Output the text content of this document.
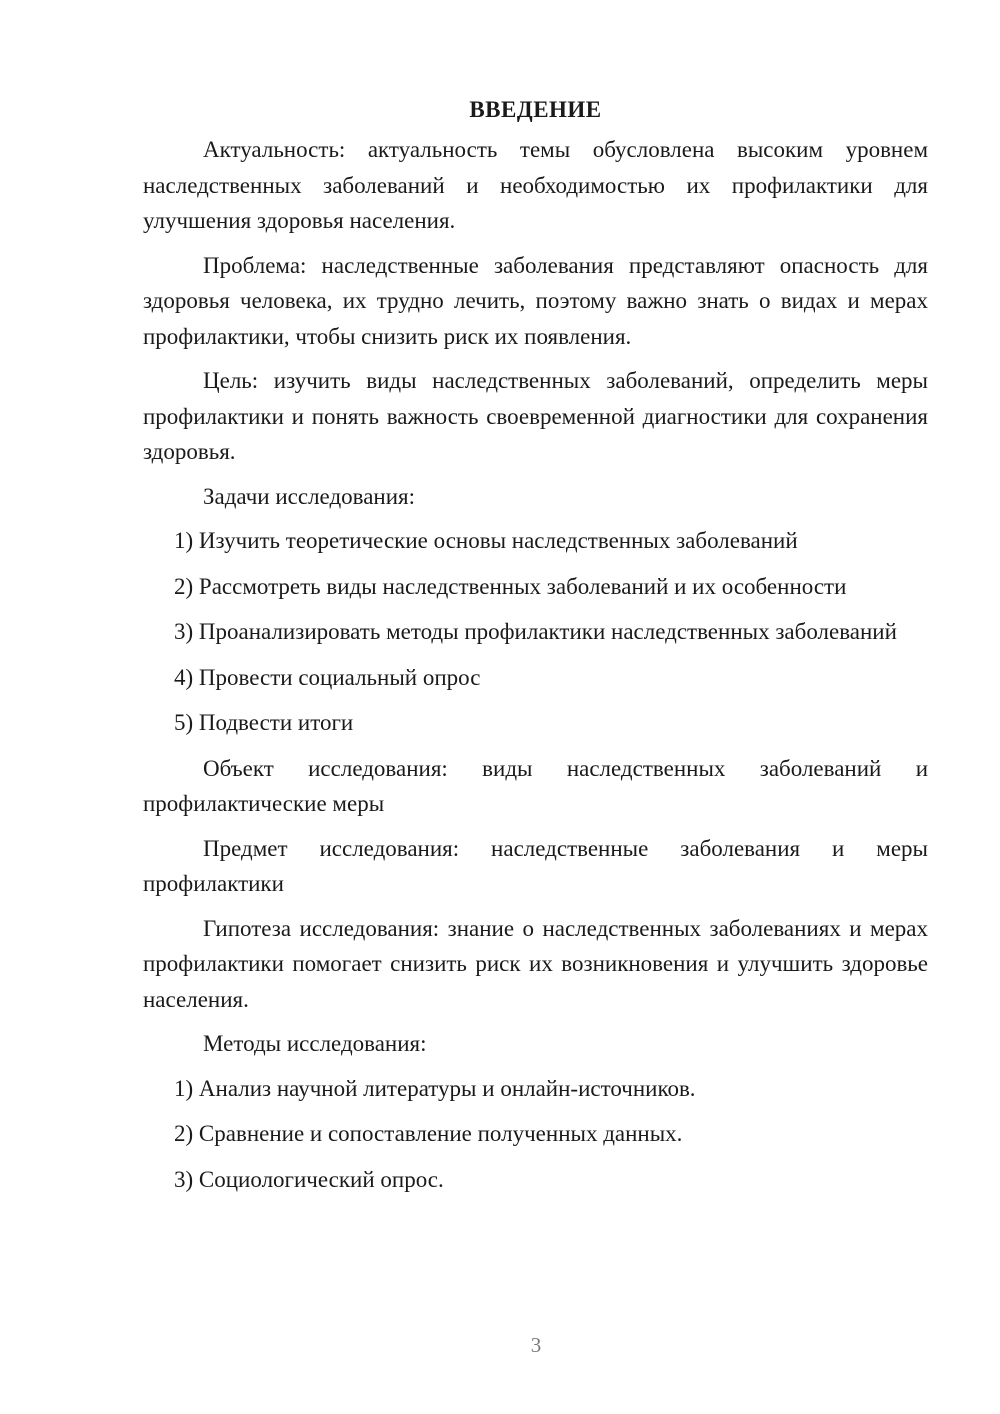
ВВЕДЕНИЕ

Актуальность: актуальность темы обусловлена высоким уровнем наследственных заболеваний и необходимостью их профилактики для улучшения здоровья населения.

Проблема: наследственные заболевания представляют опасность для здоровья человека, их трудно лечить, поэтому важно знать о видах и мерах профилактики, чтобы снизить риск их появления.

Цель: изучить виды наследственных заболеваний, определить меры профилактики и понять важность своевременной диагностики для сохранения здоровья.

Задачи исследования:

1) Изучить теоретические основы наследственных заболеваний

2) Рассмотреть виды наследственных заболеваний и их особенности

3) Проанализировать методы профилактики наследственных заболеваний

4) Провести социальный опрос

5) Подвести итоги

Объект исследования: виды наследственных заболеваний и профилактические меры

Предмет исследования: наследственные заболевания и меры профилактики

Гипотеза исследования: знание о наследственных заболеваниях и мерах профилактики помогает снизить риск их возникновения и улучшить здоровье населения.

Методы исследования:

1) Анализ научной литературы и онлайн-источников.

2) Сравнение и сопоставление полученных данных.

3) Социологический опрос.

3
